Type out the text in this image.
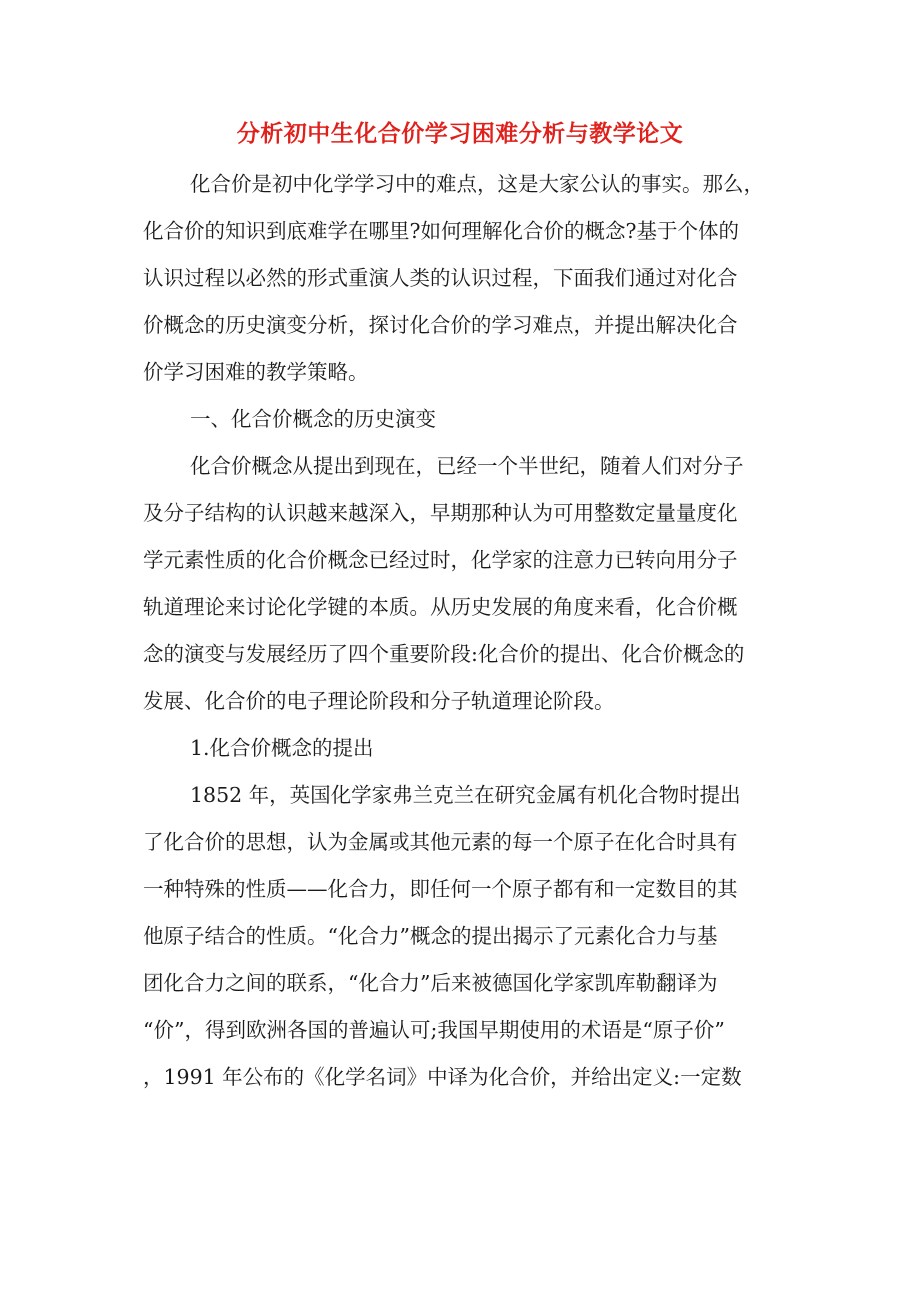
分析初中生化合价学习困难分析与教学论文
化合价是初中化学学习中的难点，这是大家公认的事实。那么，
化合价的知识到底难学在哪里?如何理解化合价的概念?基于个体的
认识过程以必然的形式重演人类的认识过程，下面我们通过对化合
价概念的历史演变分析，探讨化合价的学习难点，并提出解决化合
价学习困难的教学策略。
一、化合价概念的历史演变
化合价概念从提出到现在，已经一个半世纪，随着人们对分子
及分子结构的认识越来越深入，早期那种认为可用整数定量量度化
学元素性质的化合价概念已经过时，化学家的注意力已转向用分子
轨道理论来讨论化学键的本质。从历史发展的角度来看，化合价概
念的演变与发展经历了四个重要阶段:化合价的提出、化合价概念的
发展、化合价的电子理论阶段和分子轨道理论阶段。
1.化合价概念的提出
1852 年，英国化学家弗兰克兰在研究金属有机化合物时提出
了化合价的思想，认为金属或其他元素的每一个原子在化合时具有
一种特殊的性质——化合力，即任何一个原子都有和一定数目的其
他原子结合的性质。“化合力”概念的提出揭示了元素化合力与基
团化合力之间的联系，“化合力”后来被德国化学家凯库勒翻译为
“价”，得到欧洲各国的普遍认可;我国早期使用的术语是“原子价”
，1991 年公布的《化学名词》中译为化合价，并给出定义:一定数
